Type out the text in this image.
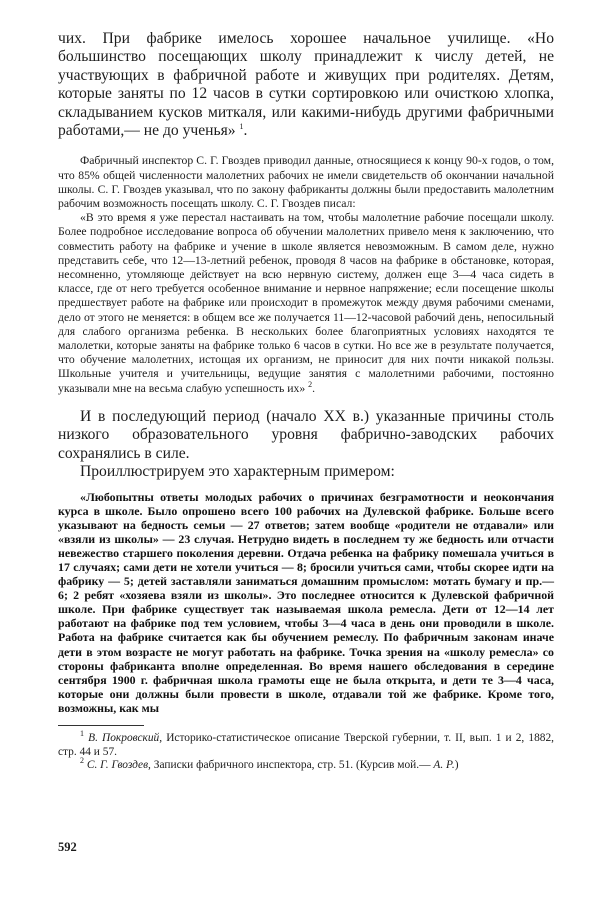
чих. При фабрике имелось хорошее начальное училище. «Но большинство посещающих школу принадлежит к числу детей, не участвующих в фабричной работе и живущих при родителях. Детям, которые заняты по 12 часов в сутки сортировкою или очисткою хлопка, складыванием кусков миткаля, или какими-нибудь другими фабричными работами,— не до ученья» $^1$.

Фабричный инспектор С. Г. Гвоздев приводил данные, относящиеся к концу 90-х годов, о том, что 85% общей численности малолетних рабочих не имели свидетельств об окончании начальной школы. С. Г. Гвоздев указывал, что по закону фабриканты должны были предоставить малолетним рабочим возможность посещать школу. С. Г. Гвоздев писал:

«В это время я уже перестал настаивать на том, чтобы малолетние рабочие посещали школу. Более подробное исследование вопроса об обучении малолетних привело меня к заключению, что совместить работу на фабрике и учение в школе является невозможным. В самом деле, нужно представить себе, что 12—13-летний ребенок, проводя 8 часов на фабрике в обстановке, которая, несомненно, утомляюще действует на всю нервную систему, должен еще 3—4 часа сидеть в классе, где от него требуется особенное внимание и нервное напряжение; если посещение школы предшествует работе на фабрике или происходит в промежуток между двумя рабочими сменами, дело от этого не меняется: в общем все же получается 11—12-часовой рабочий день, непосильный для слабого организма ребенка. В нескольких более благоприятных условиях находятся те малолетки, которые заняты на фабрике только 6 часов в сутки. Но все же в результате получается, что обучение малолетних, истощая их организм, не приносит для них почти никакой пользы. Школьные учителя и учительницы, ведущие занятия с малолетними рабочими, постоянно указывали мне на весьма слабую успешность их» $^2$.

И в последующий период (начало XX в.) указанные причины столь низкого образовательного уровня фабрично-заводских рабочих сохранялись в силе.

Проиллюстрируем это характерным примером:

«Любопытны ответы молодых рабочих о причинах безграмотности и неокончания курса в школе. Было опрошено всего 100 рабочих на Дулевской фабрике. Больше всего указывают на бедность семьи — 27 ответов; затем вообще «родители не отдавали» или «взяли из школы» — 23 случая. Нетрудно видеть в последнем ту же бедность или отчасти невежество старшего поколения деревни. Отдача ребенка на фабрику помешала учиться в 17 случаях; сами дети не хотели учиться — 8; бросили учиться сами, чтобы скорее идти на фабрику — 5; детей заставляли заниматься домашним промыслом: мотать бумагу и пр.— 6; 2 ребят «хозяева взяли из школы». Это последнее относится к Дулевской фабричной школе. При фабрике существует так называемая школа ремесла. Дети от 12—14 лет работают на фабрике под тем условием, чтобы 3—4 часа в день они проводили в школе. Работа на фабрике считается как бы обучением ремеслу. По фабричным законам иначе дети в этом возрасте не могут работать на фабрике. Точка зрения на «школу ремесла» со стороны фабриканта вполне определенная. Во время нашего обследования в середине сентября 1900 г. фабричная школа грамоты еще не была открыта, и дети те 3—4 часа, которые они должны были провести в школе, отдавали той же фабрике. Кроме того, возможны, как мы

$^1$ В. Покровский, Историко-статистическое описание Тверской губернии, т. II, вып. 1 и 2, 1882, стр. 44 и 57.

$^2$ С. Г. Гвоздев, Записки фабричного инспектора, стр. 51. (Курсив мой.— А. Р.)

592
